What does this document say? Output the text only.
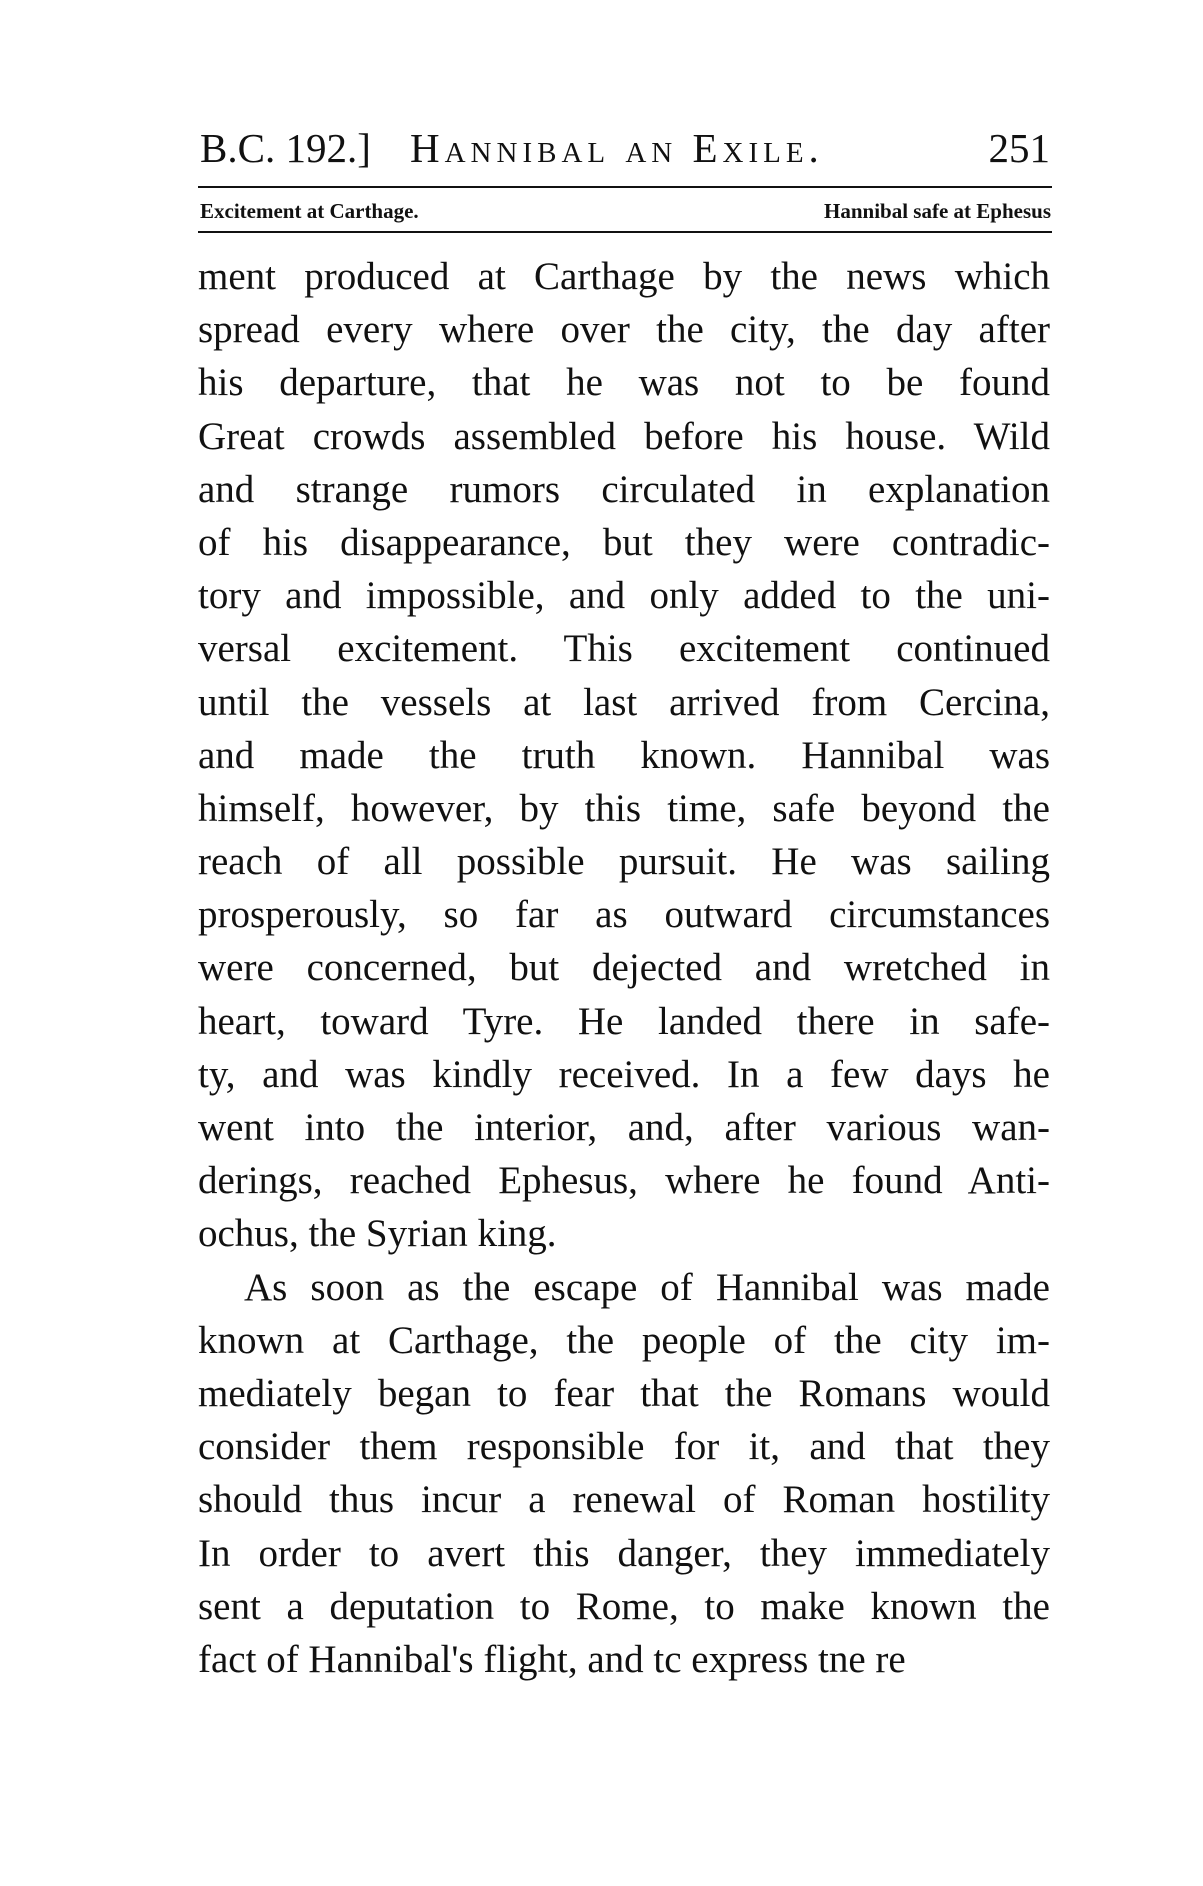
B.C. 192.] Hannibal an Exile.	251
Excitement at Carthage.	Hannibal safe at Ephesus
ment produced at Carthage by the news which
spread every where over the city, the day after
his departure, that he was not to be found
Great crowds assembled before his house. Wild
and strange rumors circulated in explanation
of his disappearance, but they were contradic-
tory and impossible, and only added to the uni-
versal excitement. This excitement continued
until the vessels at last arrived from Cercina,
and made the truth known. Hannibal was
himself, however, by this time, safe beyond the
reach of all possible pursuit. He was sailing
prosperously, so far as outward circumstances
were concerned, but dejected and wretched in
heart, toward Tyre. He landed there in safe-
ty, and was kindly received. In a few days he
went into the interior, and, after various wan-
derings, reached Ephesus, where he found Anti-
ochus, the Syrian king.
As soon as the escape of Hannibal was made
known at Carthage, the people of the city im-
mediately began to fear that the Romans would
consider them responsible for it, and that they
should thus incur a renewal of Roman hostility
In order to avert this danger, they immediately
sent a deputation to Rome, to make known the
fact of Hannibal's flight, and tc express tne re
